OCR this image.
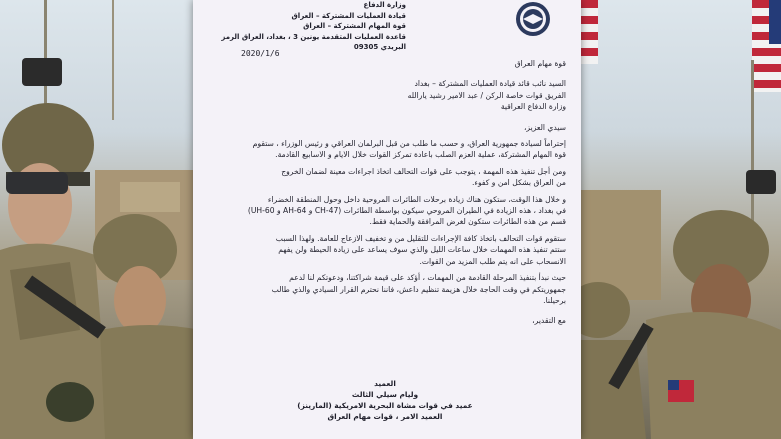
وزارة الدفاع
قيادة العمليات المشتركة – العراق
قوة المهام المشتركة – العراق
قاعدة العمليات المتقدمة يونين 3 ، بغداد، العراق الرمز البريدي 09305
2020/1/6

قوة مهام العراق

السيد نائب قائد قيادة العمليات المشتركة – بغداد
الفريق قوات خاصة الركن / عبد الامير رشيد يارالله

وزارة الدفاع العراقية

سيدي العزيز،

إحتراماً لسيادة جمهورية العراق، و حسب ما طلب من قبل البرلمان العراقي و رئيس الوزراء ، ستقوم

قوة المهام المشتركة، عملية العزم الصلب باعادة تمركز القوات خلال الايام و الاسابيع القادمة.

ومن أجل تنفيذ هذه المهمة ، يتوجب على قوات التحالف اتخاذ اجراءات معينة لضمان الخروج

من العراق بشكل امن و كفوء.

و خلال هذا الوقت، ستكون هناك زيادة برحلات الطائرات المروحية داخل وحول المنطقة الخضراء
في بغداد ، هذه الزيادة في الطيران المروحي سيكون بواسطة الطائرات (CH-47 و AH-64 و UH-60)

قسم من هذه الطائرات ستكون لغرض المرافقة والحماية فقط.

ستقوم قوات التحالف باتخاذ كافة الإجراءات للتقليل من و تخفيف الازعاج للعامة. ولهذا السبب
ستتم تنفيذ هذه المهمات خلال ساعات الليل والذي سوف يساعد على زيادة الحيطة ولن يفهم

الانسحاب على انه يتم طلب المزيد من القوات.

حيث نبدأ بتنفيذ المرحلة القادمة من المهمات ، أؤكد على قيمة شراكتنا، ودعوتكم لنا لدعم
جمهوريتكم في وقت الحاجة خلال هزيمة تنظيم داعش، فاننا نحترم القرار السيادي والذي طالب

برحيلنا.

مع التقدير،

العميد
وليام سيلي الثالث
عميد في قوات مشاة البحرية الامريكية (المارينز)
العميد الامر ، قوات مهام العراق
